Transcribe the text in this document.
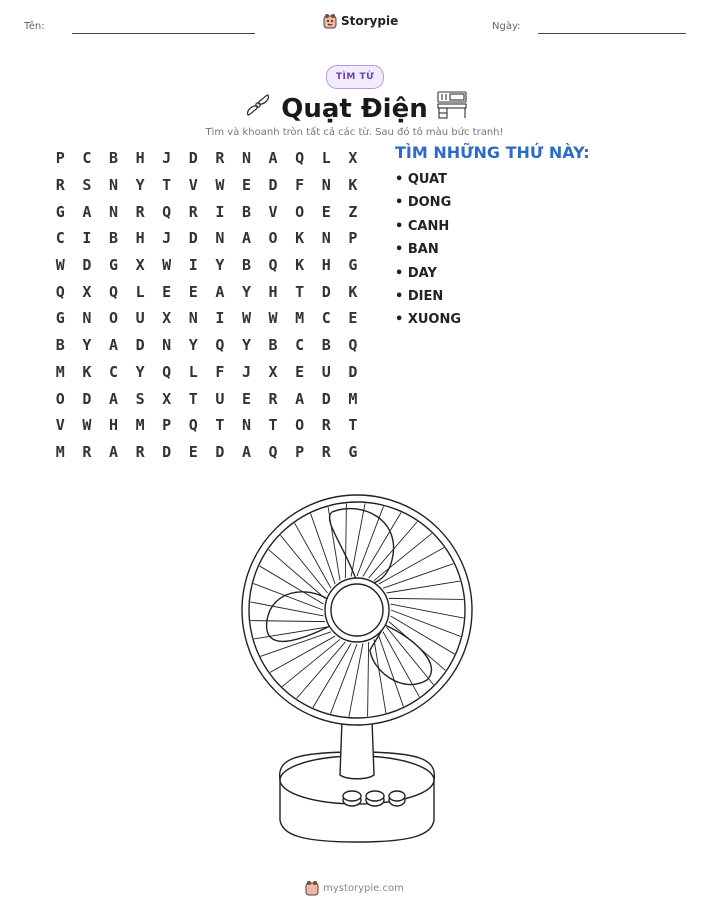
Tên:	Storypie	Ngày:
TÌM TỪ
Quạt Điện
Tìm và khoanh tròn tất cả các từ. Sau đó tô màu bức tranh!
P	C	B	H	J	D	R	N	A	Q	L	X
R	S	N	Y	T	V	W	E	D	F	N	K
G	A	N	R	Q	R	I	B	V	O	E	Z
C	I	B	H	J	D	N	A	O	K	N	P
W	D	G	X	W	I	Y	B	Q	K	H	G
Q	X	Q	L	E	E	A	Y	H	T	D	K
G	N	O	U	X	N	I	W	W	M	C	E
B	Y	A	D	N	Y	Q	Y	B	C	B	Q
M	K	C	Y	Q	L	F	J	X	E	U	D
O	D	A	S	X	T	U	E	R	A	D	M
V	W	H	M	P	Q	T	N	T	O	R	T
M	R	A	R	D	E	D	A	Q	P	R	G
TÌM NHỮNG THỨ NÀY:
• QUAT
• DONG
• CANH
• BAN
• DAY
• DIEN
• XUONG
mystorypie.com
